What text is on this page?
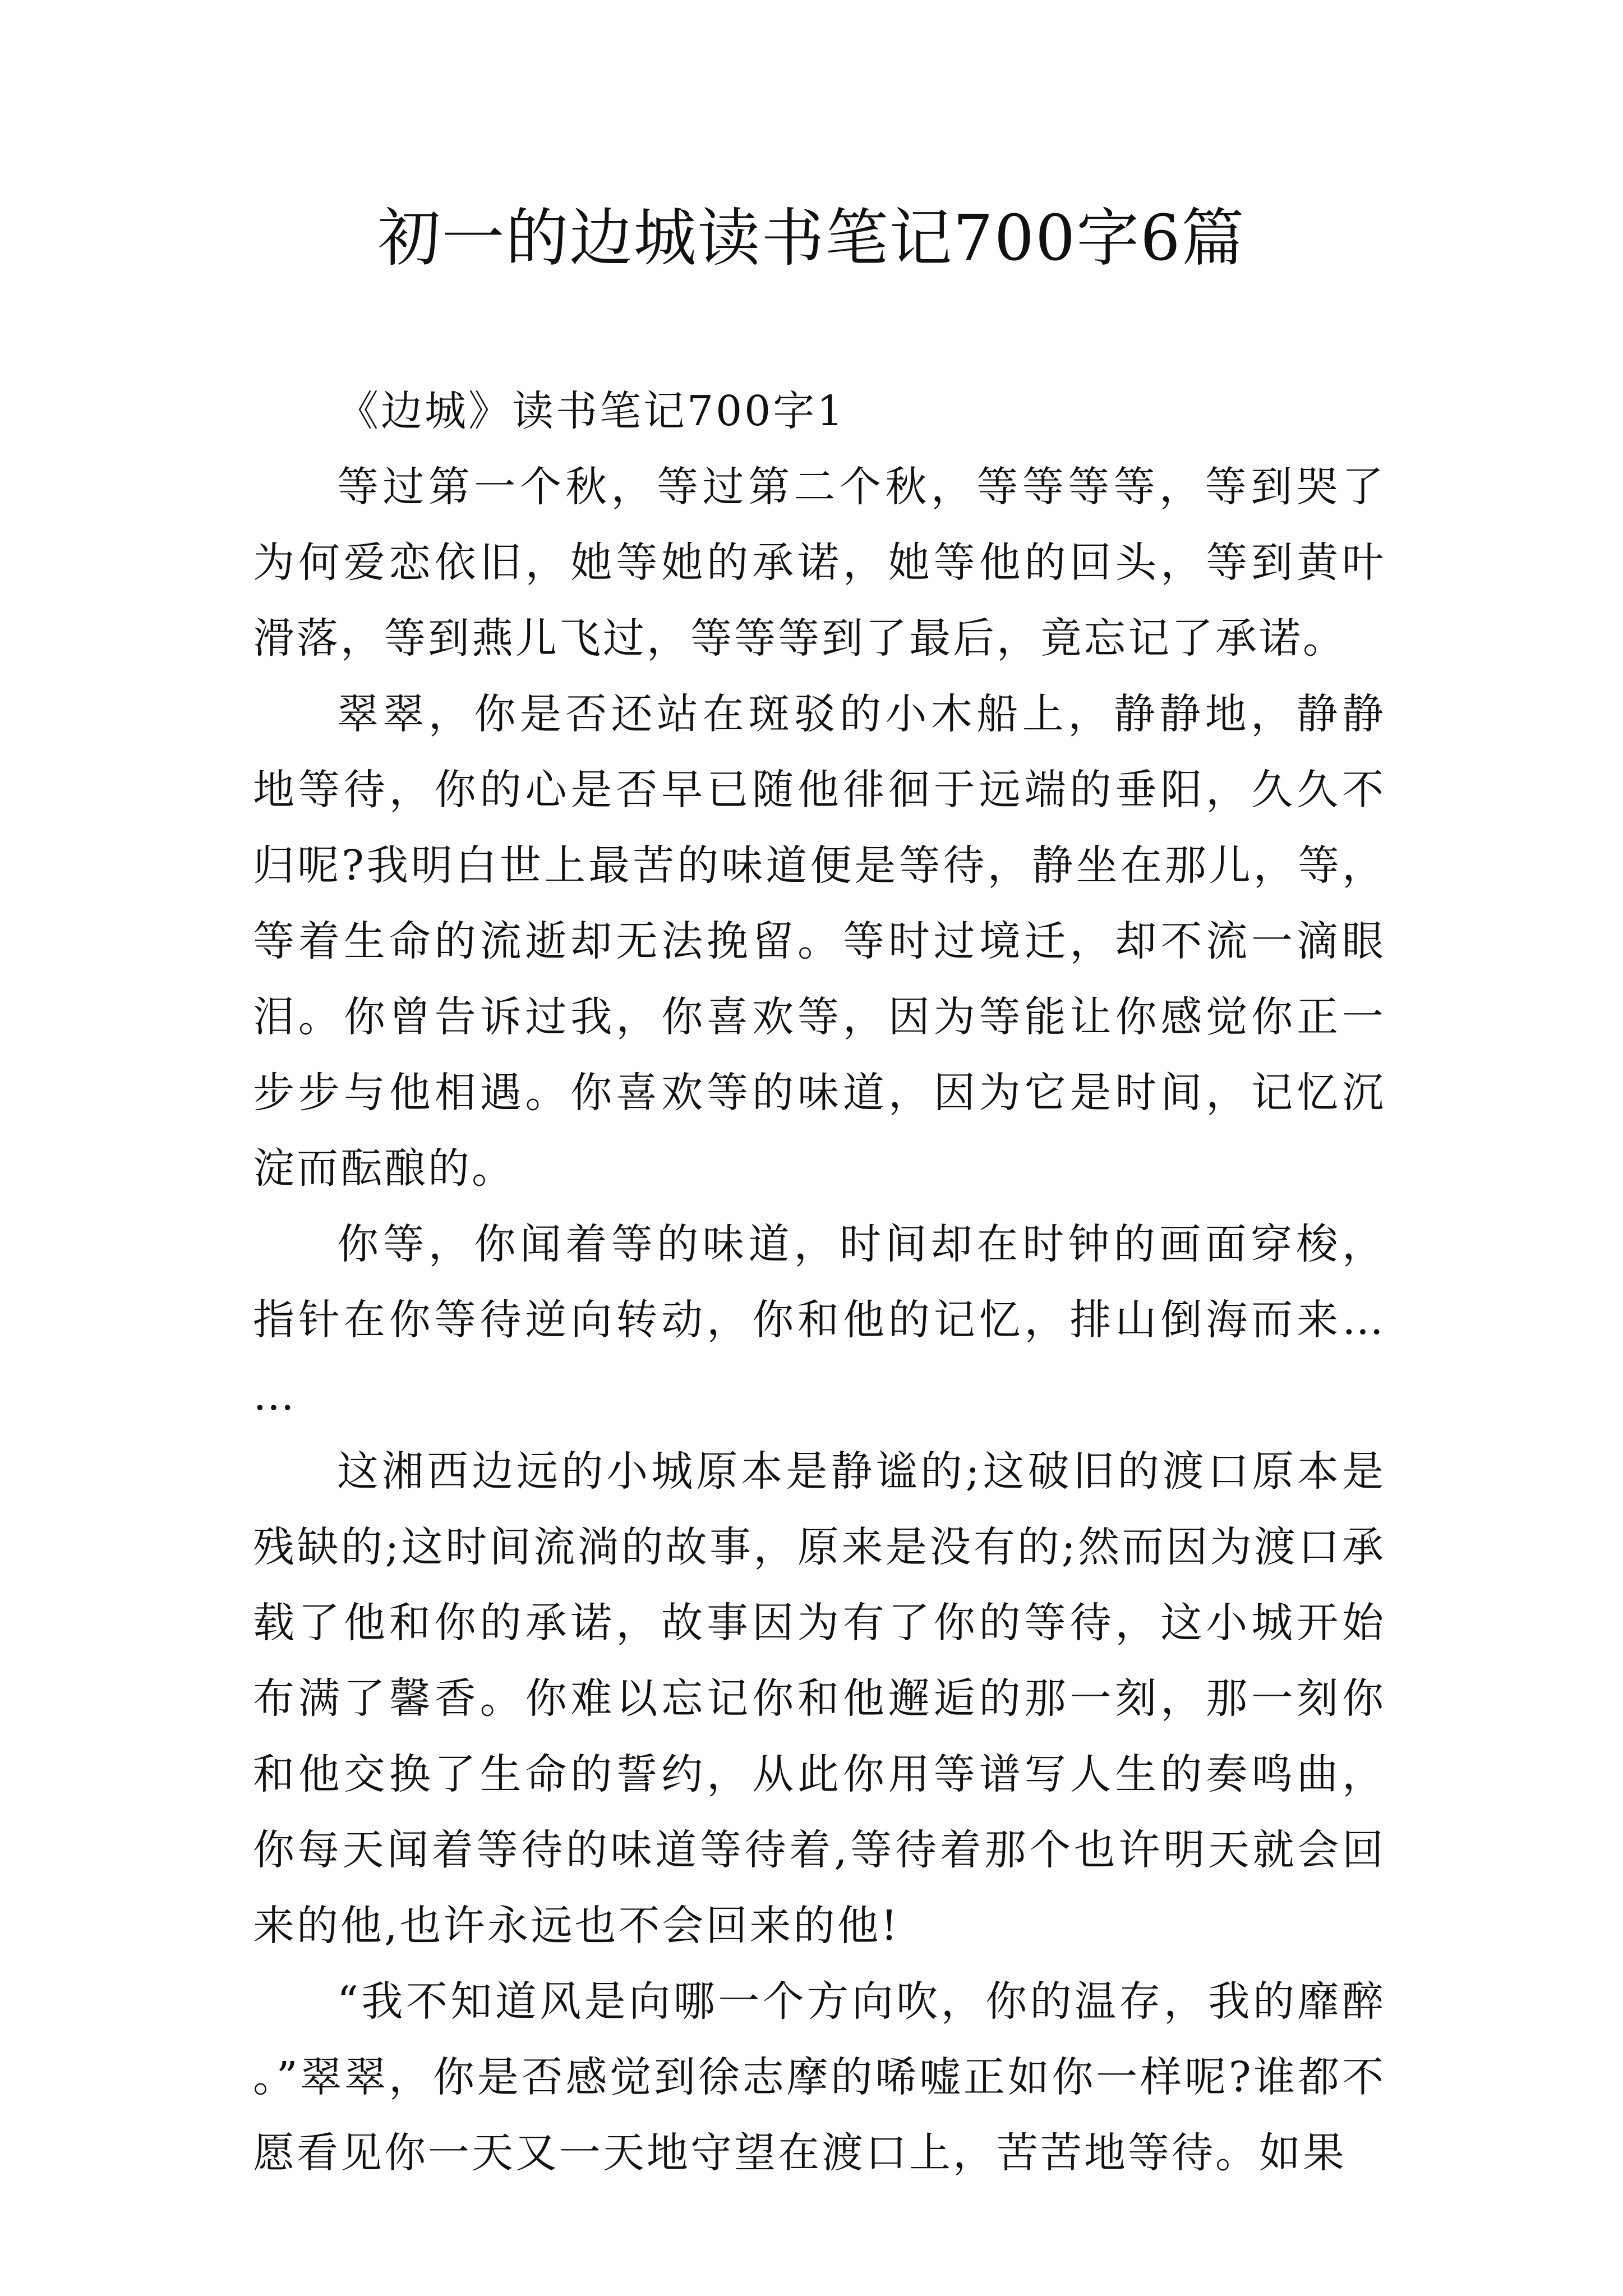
初一的边城读书笔记700字6篇

《边城》读书笔记700字1

等过第一个秋，等过第二个秋，等等等等，等到哭了为何爱恋依旧，她等她的承诺，她等他的回头，等到黄叶滑落，等到燕儿飞过，等等等到了最后，竟忘记了承诺。

翠翠，你是否还站在斑驳的小木船上，静静地，静静地等待，你的心是否早已随他徘徊于远端的垂阳，久久不归呢?我明白世上最苦的味道便是等待，静坐在那儿，等，等着生命的流逝却无法挽留。等时过境迁，却不流一滴眼泪。你曾告诉过我，你喜欢等，因为等能让你感觉你正一步步与他相遇。你喜欢等的味道，因为它是时间，记忆沉淀而酝酿的。

你等，你闻着等的味道，时间却在时钟的画面穿梭，指针在你等待逆向转动，你和他的记忆，排山倒海而来……

这湘西边远的小城原本是静谧的;这破旧的渡口原本是残缺的;这时间流淌的故事，原来是没有的;然而因为渡口承载了他和你的承诺，故事因为有了你的等待，这小城开始布满了馨香。你难以忘记你和他邂逅的那一刻，那一刻你和他交换了生命的誓约，从此你用等谱写人生的奏鸣曲，你每天闻着等待的味道等待着,等待着那个也许明天就会回来的他,也许永远也不会回来的他!

“我不知道风是向哪一个方向吹，你的温存，我的靡醉。”翠翠，你是否感觉到徐志摩的唏嘘正如你一样呢?谁都不愿看见你一天又一天地守望在渡口上，苦苦地等待。如果
